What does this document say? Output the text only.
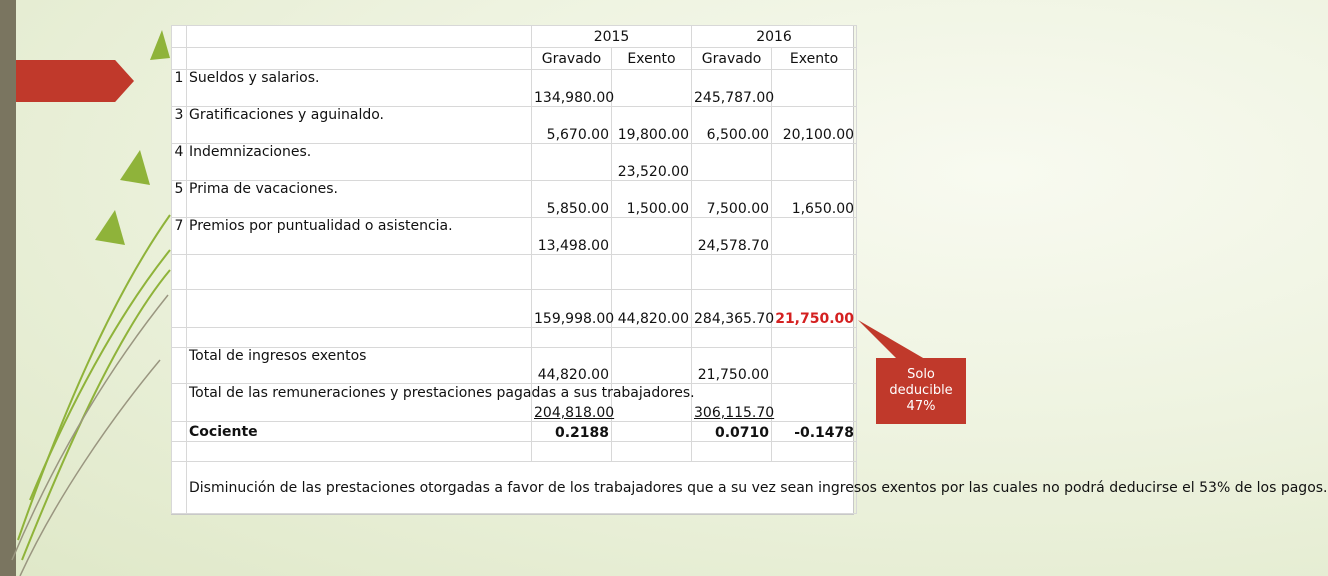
		2015		2016	
		Gravado	Exento	Gravado	Exento
1	Sueldos y salarios.	134,980.00		245,787.00	
3	Gratificaciones y aguinaldo.	5,670.00	19,800.00	6,500.00	20,100.00
4	Indemnizaciones.		23,520.00		
5	Prima de vacaciones.	5,850.00	1,500.00	7,500.00	1,650.00
7	Premios por puntualidad o asistencia.	13,498.00		24,578.70	

		159,998.00	44,820.00	284,365.70	21,750.00

	Total de ingresos exentos	44,820.00		21,750.00	

	Total de las remuneraciones y prestaciones pagadas a sus trabajadores.	204,818.00		306,115.70	
	Cociente	0.2188		0.0710	-0.1478

	Disminución de las prestaciones otorgadas a favor de los trabajadores que a su vez sean ingresos exentos por las cuales no podrá deducirse el 53% de los pagos.				
Solo
deducible
47%
